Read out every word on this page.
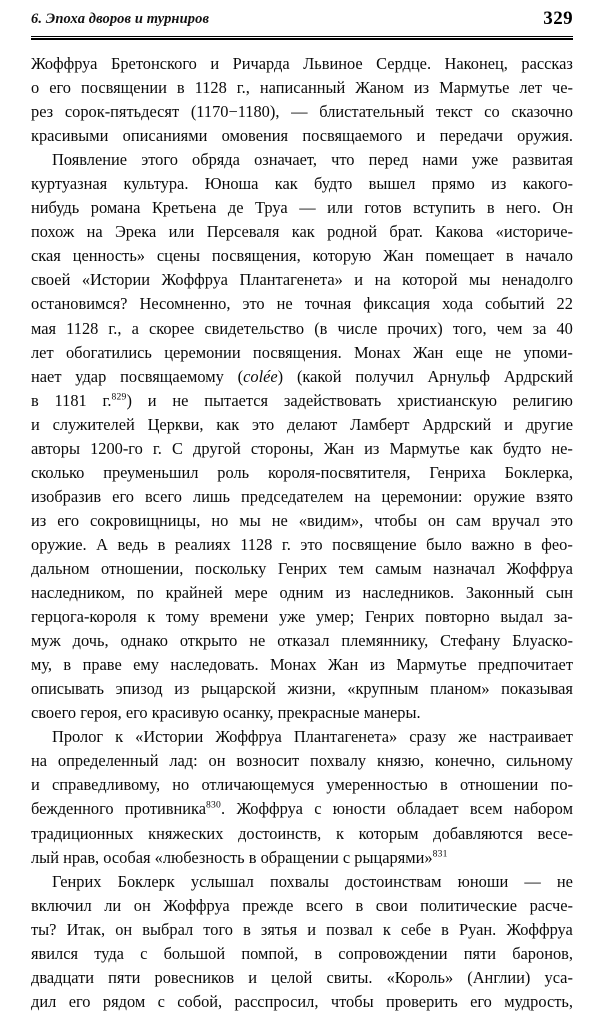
6. Эпоха дворов и турниров	329
Жоффруа Бретонского и Ричарда Львиное Сердце. Наконец, рассказ
о его посвящении в 1128 г., написанный Жаном из Мармутье лет че-
рез сорок-пятьдесят (1170−1180), — блистательный текст со сказочно
красивыми описаниями омовения посвящаемого и передачи оружия.
Появление этого обряда означает, что перед нами уже развитая
куртуазная культура. Юноша как будто вышел прямо из какого-
нибудь романа Кретьена де Труа — или готов вступить в него. Он
похож на Эрека или Персеваля как родной брат. Какова «историче-
ская ценность» сцены посвящения, которую Жан помещает в начало
своей «Истории Жоффруа Плантагенета» и на которой мы ненадолго
остановимся? Несомненно, это не точная фиксация хода событий 22
мая 1128 г., а скорее свидетельство (в числе прочих) того, чем за 40
лет обогатились церемонии посвящения. Монах Жан еще не упоми-
нает удар посвящаемому (colée) (какой получил Арнульф Ардрский
в 1181 г.$^{829}$) и не пытается задействовать христианскую религию
и служителей Церкви, как это делают Ламберт Ардрский и другие
авторы 1200-го г. С другой стороны, Жан из Мармутье как будто не-
сколько преуменьшил роль короля-посвятителя, Генриха Боклерка,
изобразив его всего лишь председателем на церемонии: оружие взято
из его сокровищницы, но мы не «видим», чтобы он сам вручал это
оружие. А ведь в реалиях 1128 г. это посвящение было важно в фео-
дальном отношении, поскольку Генрих тем самым назначал Жоффруа
наследником, по крайней мере одним из наследников. Законный сын
герцога-короля к тому времени уже умер; Генрих повторно выдал за-
муж дочь, однако открыто не отказал племяннику, Стефану Блуаско-
му, в праве ему наследовать. Монах Жан из Мармутье предпочитает
описывать эпизод из рыцарской жизни, «крупным планом» показывая
своего героя, его красивую осанку, прекрасные манеры.
Пролог к «Истории Жоффруа Плантагенета» сразу же настраивает
на определенный лад: он возносит похвалу князю, конечно, сильному
и справедливому, но отличающемуся умеренностью в отношении по-
бежденного противника$^{830}$. Жоффруа с юности обладает всем набором
традиционных княжеских достоинств, к которым добавляются весе-
лый нрав, особая «любезность в обращении с рыцарями»$^{831}$
Генрих Боклерк услышал похвалы достоинствам юноши — не
включил ли он Жоффруа прежде всего в свои политические расче-
ты? Итак, он выбрал того в зятья и позвал к себе в Руан. Жоффруа
явился туда с большой помпой, в сопровождении пяти баронов,
двадцати пяти ровесников и целой свиты. «Король» (Англии) уса-
дил его рядом с собой, расспросил, чтобы проверить его мудрость,
